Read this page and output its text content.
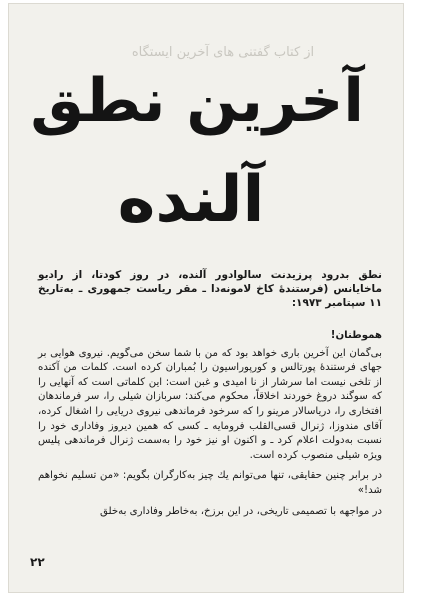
از کتاب گفتنی های آخرین ایستگاه
آخرین نطق
آلنده
نطق بدرود پرزیدنت سالوادور آلنده، در روز کودتا، از رادیو ماخایانس (فرستندهٔ کاخ لامونه‌دا ـ مقر ریاست جمهوری ـ به‌تاریخ ۱۱ سپتامبر ۱۹۷۳:

هموطنان!

بی‌گمان این آخرین باری خواهد بود که من با شما سخن می‌گویم. نیروی هوایی بر جهای فرستندهٔ پورتالس و کورپوراسیون را بُمباران کرده است. کلمات من آکنده از تلخی نیست اما سرشار از نا امیدی و غبن است: این کلماتی است که آنهایی را که سوگند دروغ خوردند اخلاقاً، محکوم می‌کند: سربازان شیلی را، سر فرماندهان افتخاری را، دریاسالار مرینو را که سرخود فرماندهی نیروی دریایی را اشغال کرده، آقای مندوزا، ژنرال قسی‌القلب فرومایه ـ کسی که همین دیروز وفاداری خود را نسبت به‌دولت اعلام کرد ـ و اکنون او نیز خود را به‌سمت ژنرال فرماندهی پلیس ویژه شیلی منصوب کرده است.

در برابر چنین حقایقی، تنها می‌توانم یك چیز به‌کارگران بگویم: «من تسلیم نخواهم شد!»

در مواجهه با تصمیمی تاریخی، در این برزخ، به‌خاطر وفاداری به‌خلق

۲۲
